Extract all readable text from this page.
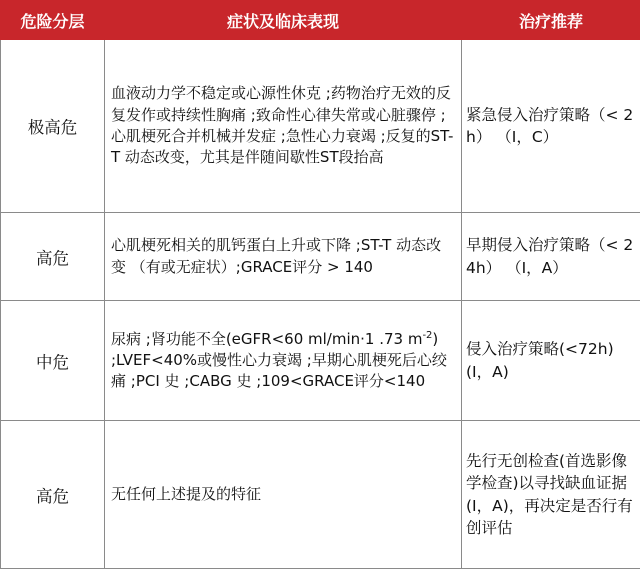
危险分层	症状及临床表现	治疗推荐
极高危	血液动力学不稳定或心源性休克 ;药物治疗无效的反复发作或持续性胸痛 ;致命性心律失常或心脏骤停 ;心肌梗死合并机械并发症 ;急性心力衰竭 ;反复的ST-T 动态改变，尤其是伴随间歇性ST段抬高	紧急侵入治疗策略（< 2h） （I，C）
高危	心肌梗死相关的肌钙蛋白上升或下降 ;ST-T 动态改变 （有或无症状）;GRACE评分 > 140	早期侵入治疗策略（< 24h） （I，A）
中危	尿病 ;肾功能不全(eGFR<60 ml/min·1 .73 $m^{-2}$) ;LVEF<40%或慢性心力衰竭 ;早期心肌梗死后心绞痛 ;PCI 史 ;CABG 史 ;109<GRACE评分<140	侵入治疗策略(<72h)(I，A)
高危	无任何上述提及的特征	先行无创检查(首选影像学检查)以寻找缺血证据(I，A)，再决定是否行有创评估
